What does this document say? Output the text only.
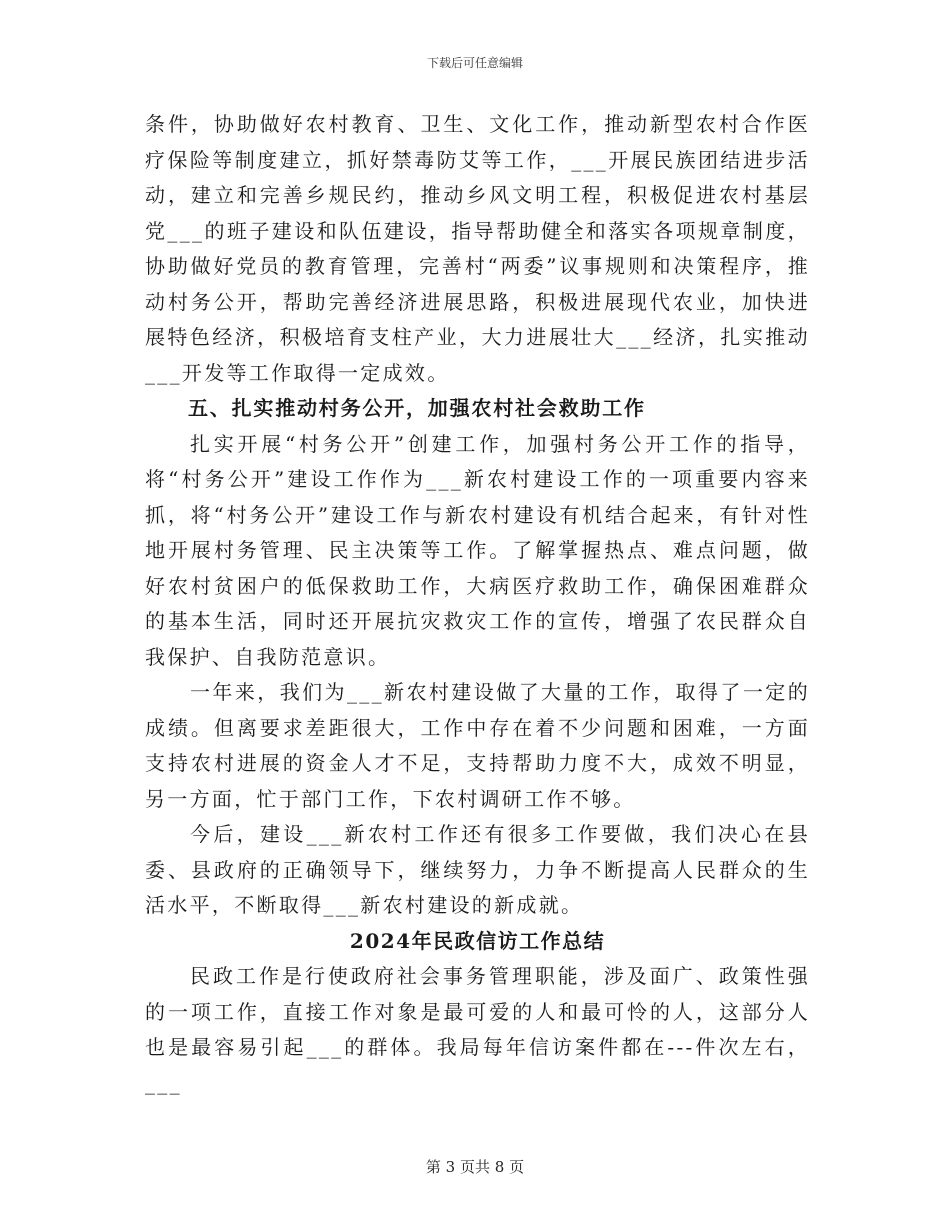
下载后可任意编辑

条件，协助做好农村教育、卫生、文化工作，推动新型农村合作医疗保险等制度建立，抓好禁毒防艾等工作，___开展民族团结进步活动，建立和完善乡规民约，推动乡风文明工程，积极促进农村基层党___的班子建设和队伍建设，指导帮助健全和落实各项规章制度，协助做好党员的教育管理，完善村“两委”议事规则和决策程序，推动村务公开，帮助完善经济进展思路，积极进展现代农业，加快进展特色经济，积极培育支柱产业，大力进展壮大___经济，扎实推动___开发等工作取得一定成效。

五、扎实推动村务公开，加强农村社会救助工作

扎实开展“村务公开”创建工作，加强村务公开工作的指导，将“村务公开”建设工作作为___新农村建设工作的一项重要内容来抓，将“村务公开”建设工作与新农村建设有机结合起来，有针对性地开展村务管理、民主决策等工作。了解掌握热点、难点问题，做好农村贫困户的低保救助工作，大病医疗救助工作，确保困难群众的基本生活，同时还开展抗灾救灾工作的宣传，增强了农民群众自我保护、自我防范意识。

一年来，我们为___新农村建设做了大量的工作，取得了一定的成绩。但离要求差距很大，工作中存在着不少问题和困难，一方面支持农村进展的资金人才不足，支持帮助力度不大，成效不明显，另一方面，忙于部门工作，下农村调研工作不够。

今后，建设___新农村工作还有很多工作要做，我们决心在县委、县政府的正确领导下，继续努力，力争不断提高人民群众的生活水平，不断取得___新农村建设的新成就。

2024年民政信访工作总结

民政工作是行使政府社会事务管理职能，涉及面广、政策性强的一项工作，直接工作对象是最可爱的人和最可怜的人，这部分人也是最容易引起___的群体。我局每年信访案件都在---件次左右，___

第 3 页共 8 页
